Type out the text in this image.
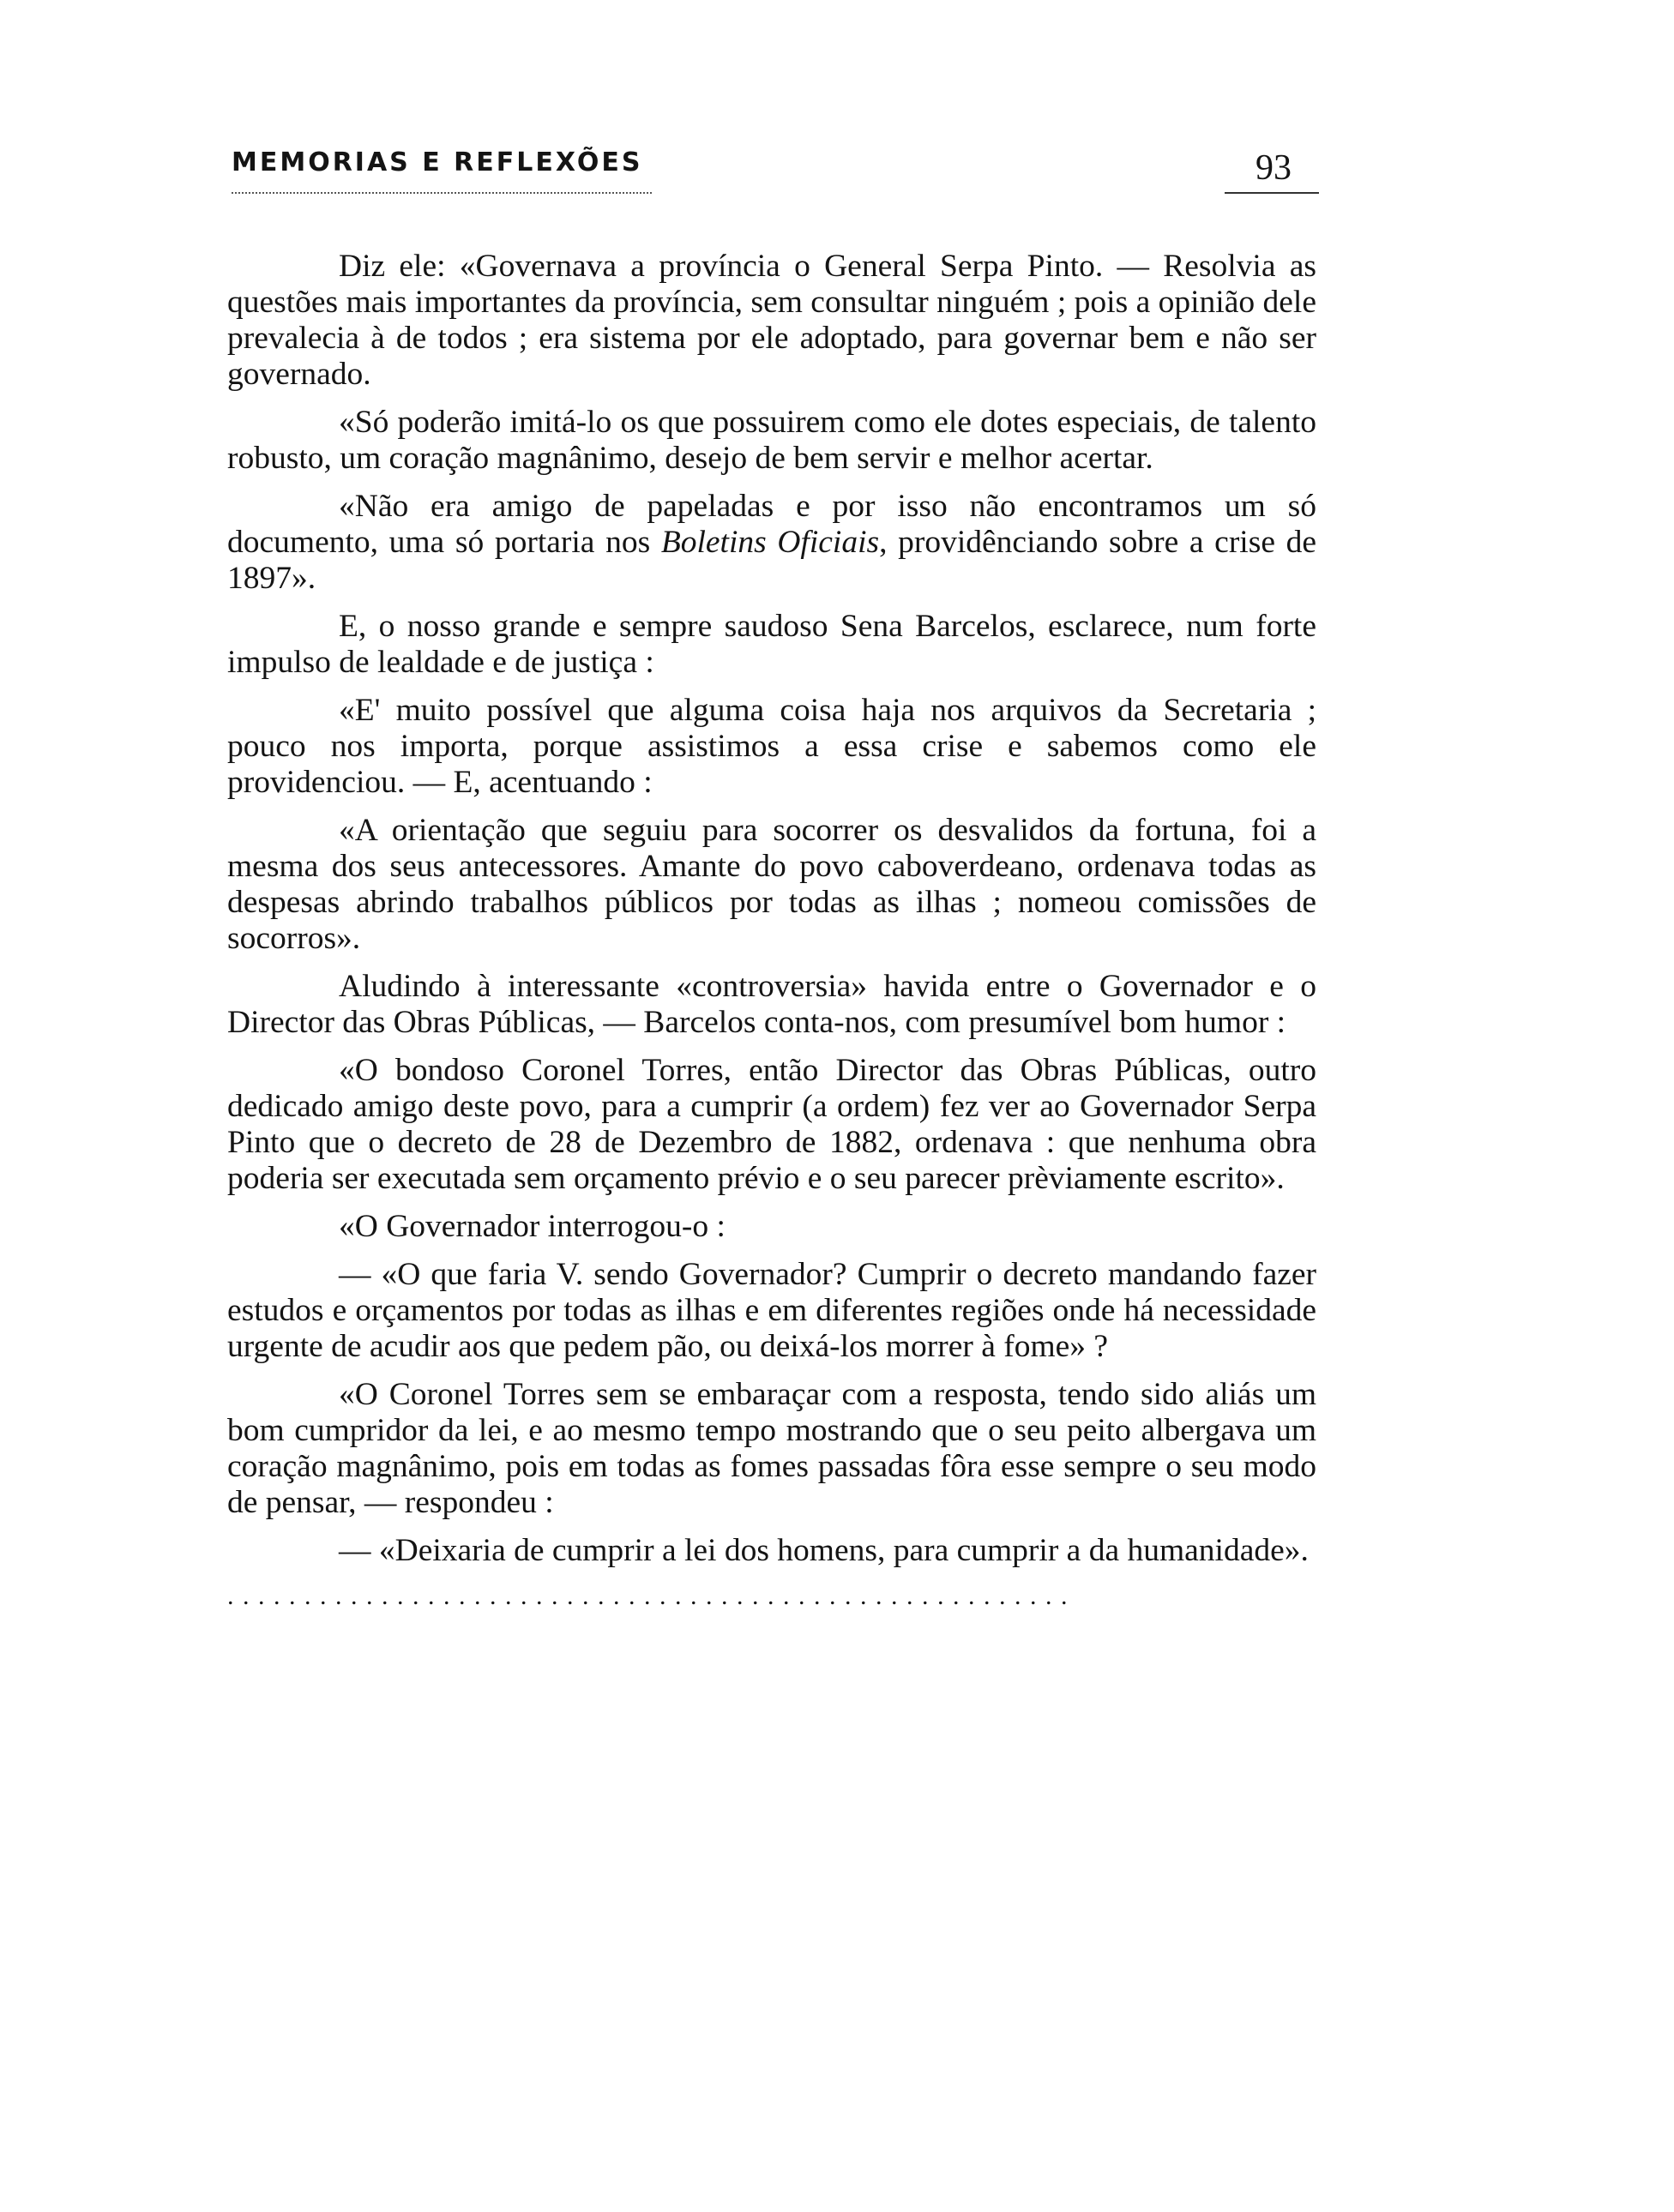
MEMORIAS E REFLEXÕES	93

Diz ele: «Governava a província o General Serpa Pinto. — Resolvia as questões mais importantes da província, sem consultar ninguém ; pois a opinião dele prevalecia à de todos ; era sistema por ele adoptado, para governar bem e não ser governado.

«Só poderão imitá-lo os que possuirem como ele dotes especiais, de talento robusto, um coração magnânimo, desejo de bem servir e melhor acertar.

«Não era amigo de papeladas e por isso não encontramos um só documento, uma só portaria nos Boletins Oficiais, providênciando sobre a crise de 1897».

E, o nosso grande e sempre saudoso Sena Barcelos, esclarece, num forte impulso de lealdade e de justiça :

«E' muito possível que alguma coisa haja nos arquivos da Secretaria ; pouco nos importa, porque assistimos a essa crise e sabemos como ele providenciou. — E, acentuando :

«A orientação que seguiu para socorrer os desvalidos da fortuna, foi a mesma dos seus antecessores. Amante do povo caboverdeano, ordenava todas as despesas abrindo trabalhos públicos por todas as ilhas ; nomeou comissões de socorros».

Aludindo à interessante «controversia» havida entre o Governador e o Director das Obras Públicas, — Barcelos conta-nos, com presumível bom humor :

«O bondoso Coronel Torres, então Director das Obras Públicas, outro dedicado amigo deste povo, para a cumprir (a ordem) fez ver ao Governador Serpa Pinto que o decreto de 28 de Dezembro de 1882, ordenava : que nenhuma obra poderia ser executada sem orçamento prévio e o seu parecer prèviamente escrito».

«O Governador interrogou-o :

— «O que faria V. sendo Governador? Cumprir o decreto mandando fazer estudos e orçamentos por todas as ilhas e em diferentes regiões onde há necessidade urgente de acudir aos que pedem pão, ou deixá-los morrer à fome» ?

«O Coronel Torres sem se embaraçar com a resposta, tendo sido aliás um bom cumpridor da lei, e ao mesmo tempo mostrando que o seu peito albergava um coração magnânimo, pois em todas as fomes passadas fôra esse sempre o seu modo de pensar, — respondeu :

— «Deixaria de cumprir a lei dos homens, para cumprir a da humanidade».

.......................................................
